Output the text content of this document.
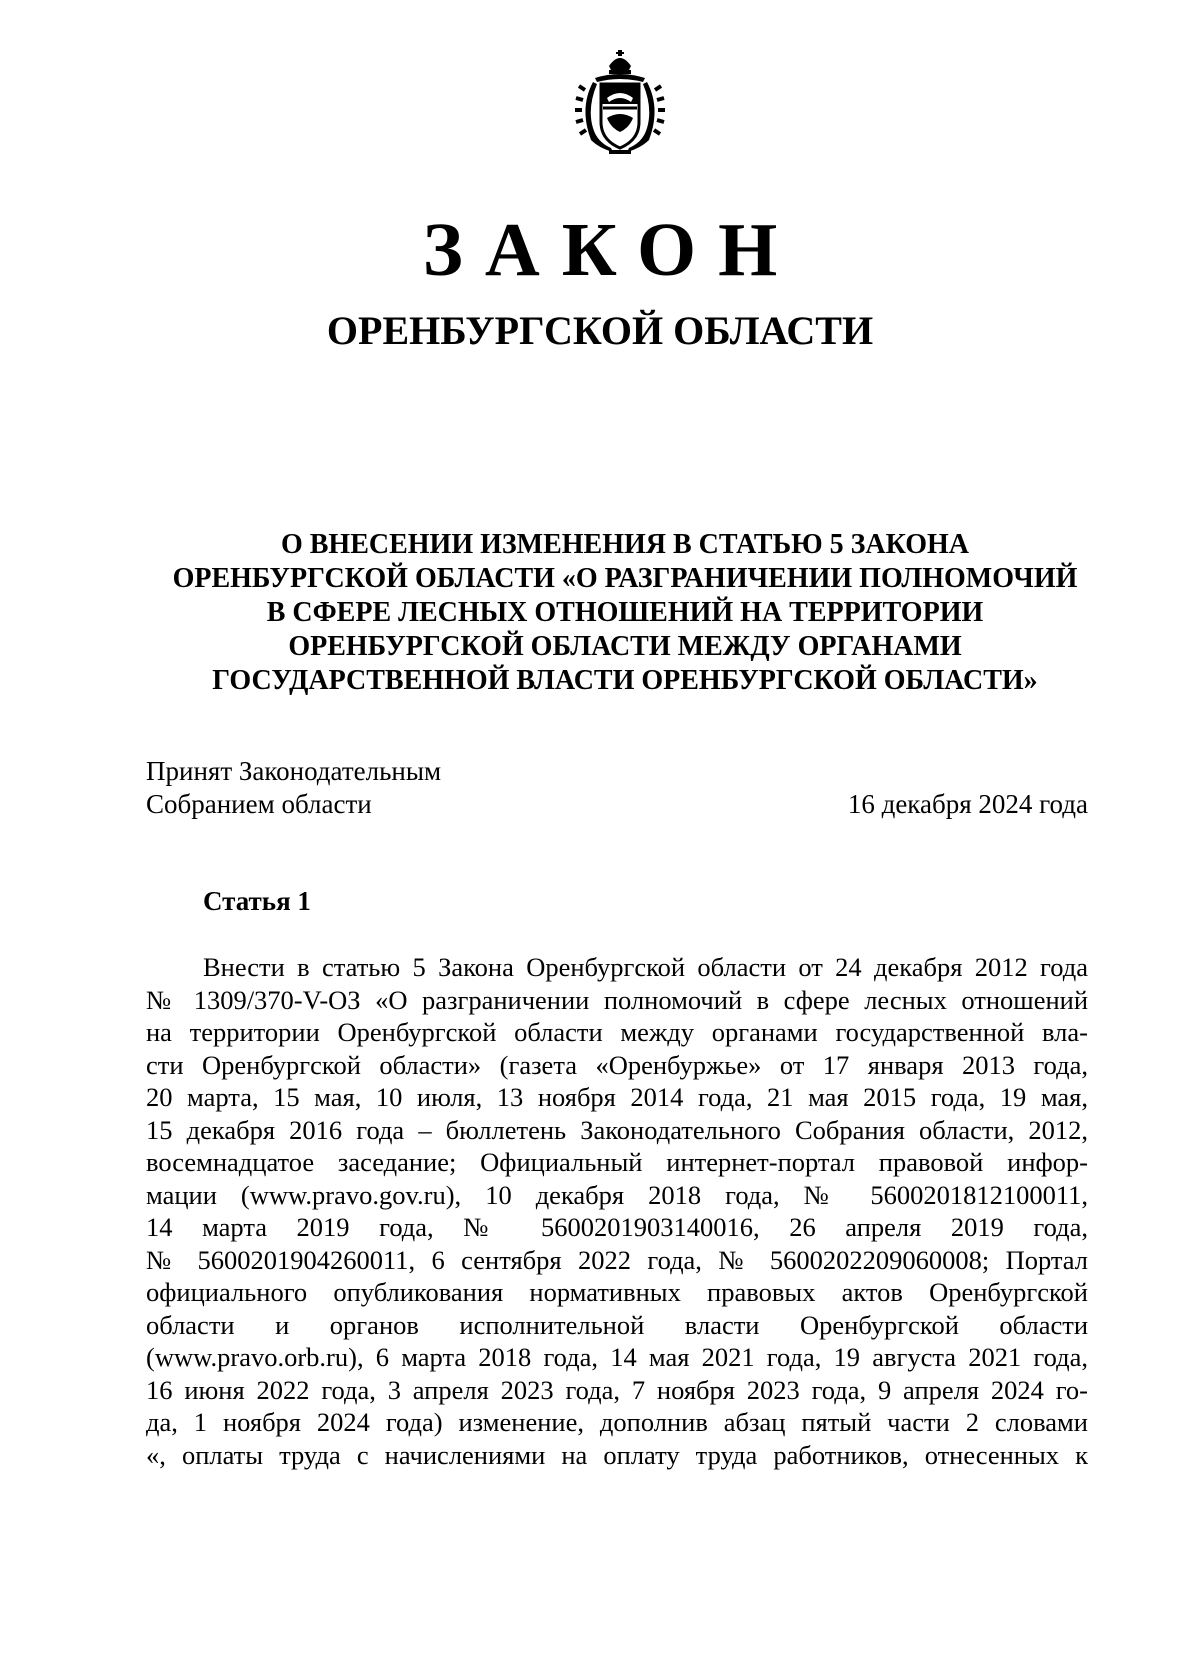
ЗАКОН
ОРЕНБУРГСКОЙ ОБЛАСТИ
О ВНЕСЕНИИ ИЗМЕНЕНИЯ В СТАТЬЮ 5 ЗАКОНА
ОРЕНБУРГСКОЙ ОБЛАСТИ «О РАЗГРАНИЧЕНИИ ПОЛНОМОЧИЙ
В СФЕРЕ ЛЕСНЫХ ОТНОШЕНИЙ НА ТЕРРИТОРИИ
ОРЕНБУРГСКОЙ ОБЛАСТИ МЕЖДУ ОРГАНАМИ
ГОСУДАРСТВЕННОЙ ВЛАСТИ ОРЕНБУРГСКОЙ ОБЛАСТИ»
Принят Законодательным
Собранием области	16 декабря 2024 года
Статья 1
Внести в статью 5 Закона Оренбургской области от 24 декабря 2012 года
№ 1309/370-V-ОЗ «О разграничении полномочий в сфере лесных отношений
на территории Оренбургской области между органами государственной вла-
сти Оренбургской области» (газета «Оренбуржье» от 17 января 2013 года,
20 марта, 15 мая, 10 июля, 13 ноября 2014 года, 21 мая 2015 года, 19 мая,
15 декабря 2016 года – бюллетень Законодательного Собрания области, 2012,
восемнадцатое заседание; Официальный интернет-портал правовой инфор-
мации (www.pravo.gov.ru), 10 декабря 2018 года, № 5600201812100011,
14 марта 2019 года, № 5600201903140016, 26 апреля 2019 года,
№ 5600201904260011, 6 сентября 2022 года, № 5600202209060008; Портал
официального опубликования нормативных правовых актов Оренбургской
области и органов исполнительной власти Оренбургской области
(www.pravo.orb.ru), 6 марта 2018 года, 14 мая 2021 года, 19 августа 2021 года,
16 июня 2022 года, 3 апреля 2023 года, 7 ноября 2023 года, 9 апреля 2024 го-
да, 1 ноября 2024 года) изменение, дополнив абзац пятый части 2 словами
«, оплаты труда с начислениями на оплату труда работников, отнесенных к
